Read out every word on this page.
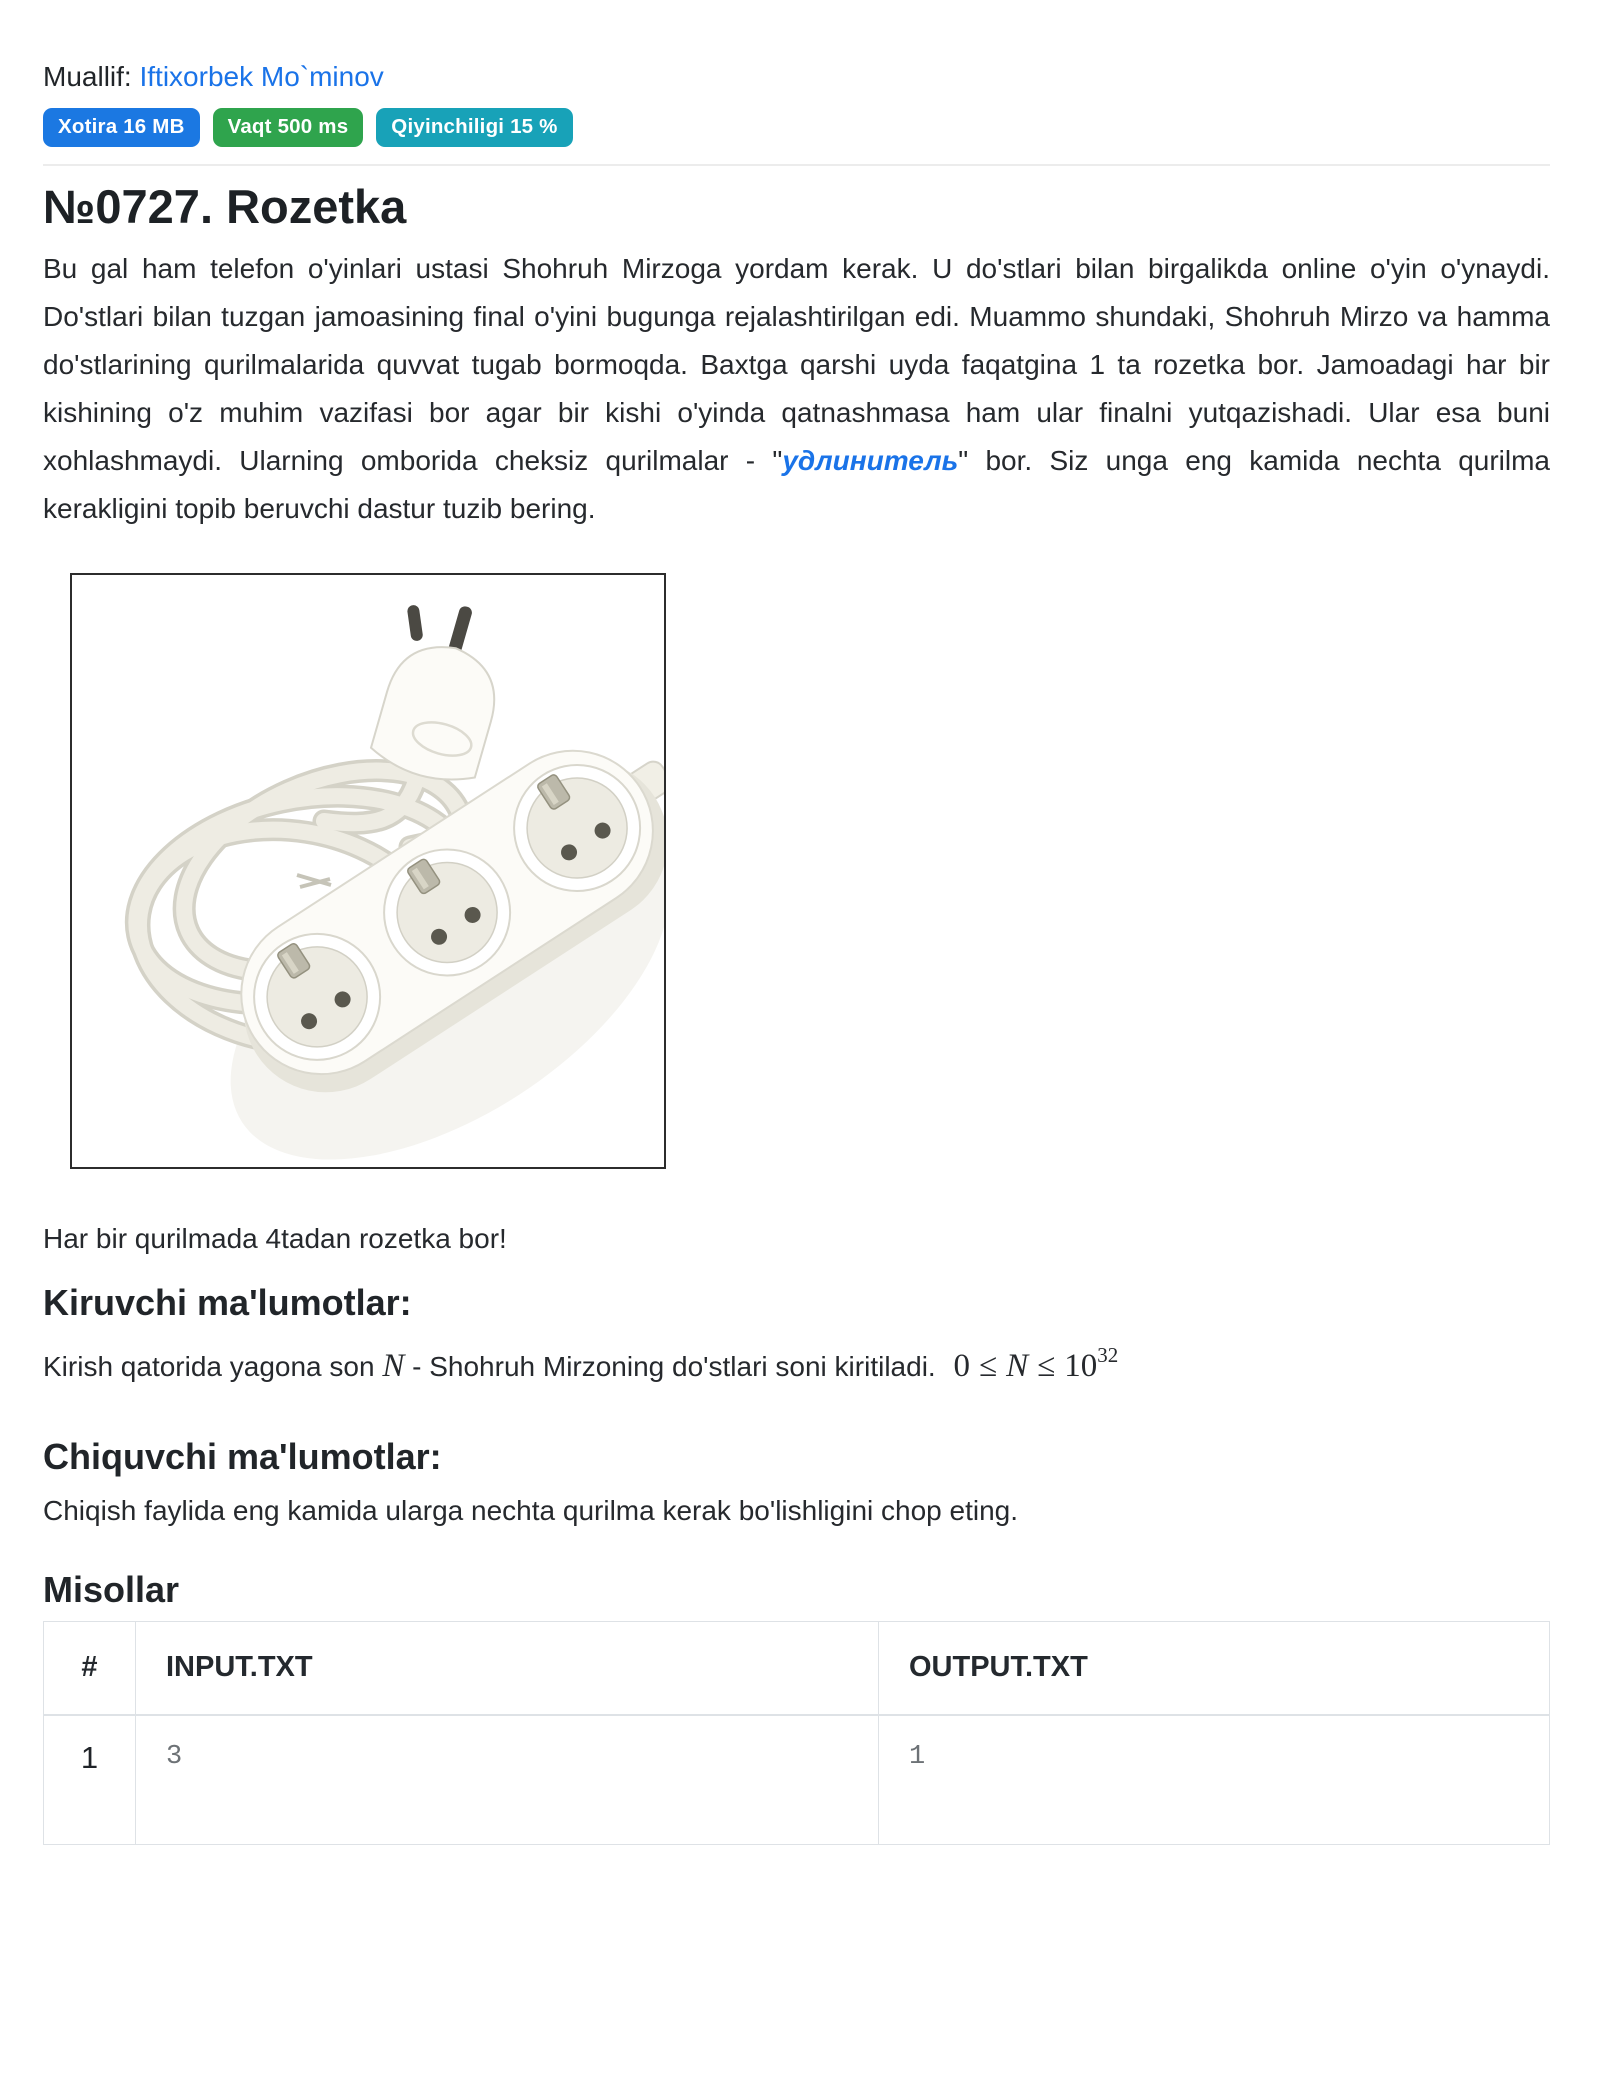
Muallif: Iftixorbek Mo`minov
Xotira 16 MB	Vaqt 500 ms	Qiyinchiligi 15 %
№0727. Rozetka

Bu gal ham telefon o'yinlari ustasi Shohruh Mirzoga yordam kerak. U do'stlari bilan birgalikda online o'yin o'ynaydi. Do'stlari bilan tuzgan jamoasining final o'yini bugunga rejalashtirilgan edi. Muammo shundaki, Shohruh Mirzo va hamma do'stlarining qurilmalarida quvvat tugab bormoqda. Baxtga qarshi uyda faqatgina 1 ta rozetka bor. Jamoadagi har bir kishining o'z muhim vazifasi bor agar bir kishi o'yinda qatnashmasa ham ular finalni yutqazishadi. Ular esa buni xohlashmaydi. Ularning omborida cheksiz qurilmalar - "удлинитель" bor. Siz unga eng kamida nechta qurilma kerakligini topib beruvchi dastur tuzib bering.

Har bir qurilmada 4tadan rozetka bor!

Kiruvchi ma'lumotlar:

Kirish qatorida yagona son N - Shohruh Mirzoning do'stlari soni kiritiladi. $0 \le N \le 10^{32}$

Chiquvchi ma'lumotlar:

Chiqish faylida eng kamida ularga nechta qurilma kerak bo'lishligini chop eting.

Misollar
#	INPUT.TXT	OUTPUT.TXT
1	3	1
